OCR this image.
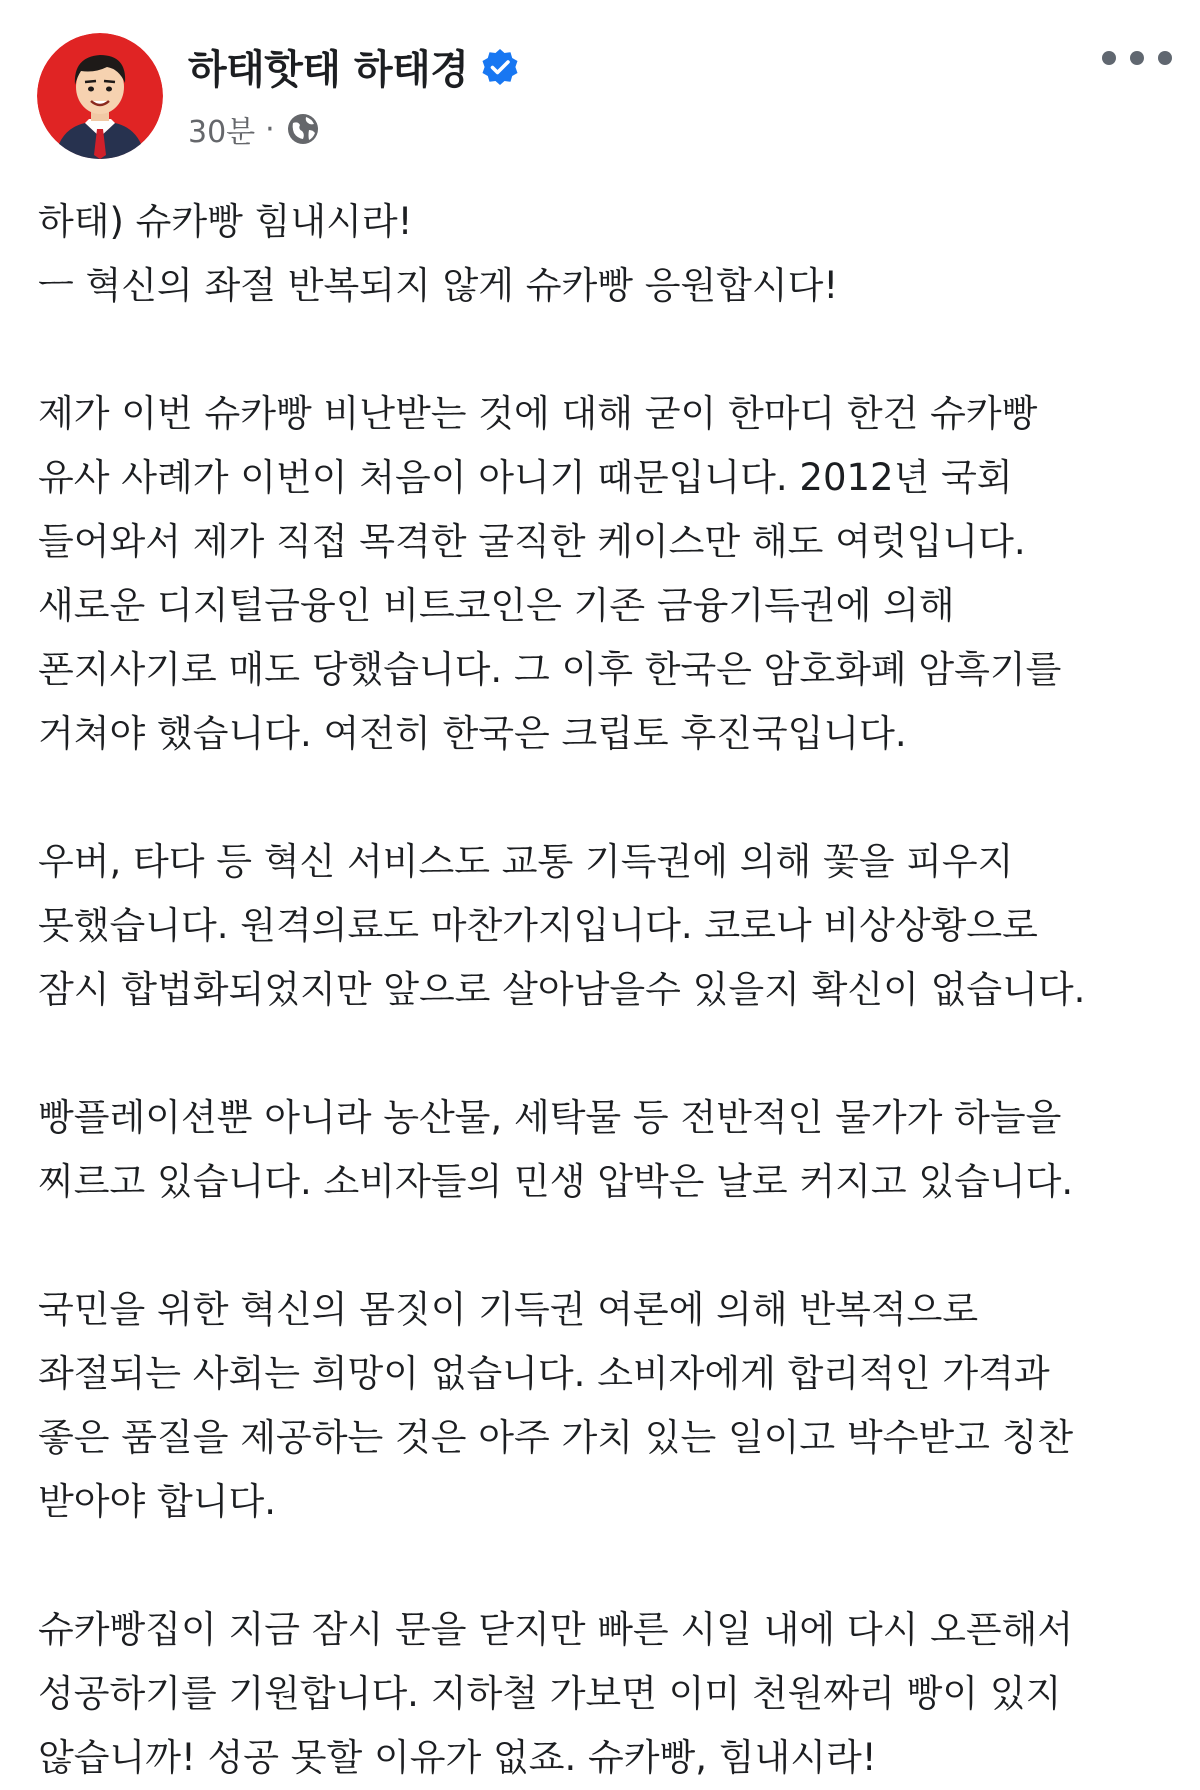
하태핫태 하태경
30분 ·

하태) 슈카빵 힘내시라!
ㅡ 혁신의 좌절 반복되지 않게 슈카빵 응원합시다!

제가 이번 슈카빵 비난받는 것에 대해 굳이 한마디 한건 슈카빵
유사 사례가 이번이 처음이 아니기 때문입니다. 2012년 국회
들어와서 제가 직접 목격한 굴직한 케이스만 해도 여럿입니다.
새로운 디지털금융인 비트코인은 기존 금융기득권에 의해
폰지사기로 매도 당했습니다. 그 이후 한국은 암호화폐 암흑기를
거쳐야 했습니다. 여전히 한국은 크립토 후진국입니다.

우버, 타다 등 혁신 서비스도 교통 기득권에 의해 꽃을 피우지
못했습니다. 원격의료도 마찬가지입니다. 코로나 비상상황으로
잠시 합법화되었지만 앞으로 살아남을수 있을지 확신이 없습니다.

빵플레이션뿐 아니라 농산물, 세탁물 등 전반적인 물가가 하늘을
찌르고 있습니다. 소비자들의 민생 압박은 날로 커지고 있습니다.

국민을 위한 혁신의 몸짓이 기득권 여론에 의해 반복적으로
좌절되는 사회는 희망이 없습니다. 소비자에게 합리적인 가격과
좋은 품질을 제공하는 것은 아주 가치 있는 일이고 박수받고 칭찬
받아야 합니다.

슈카빵집이 지금 잠시 문을 닫지만 빠른 시일 내에 다시 오픈해서
성공하기를 기원합니다. 지하철 가보면 이미 천원짜리 빵이 있지
않습니까! 성공 못할 이유가 없죠. 슈카빵, 힘내시라!
